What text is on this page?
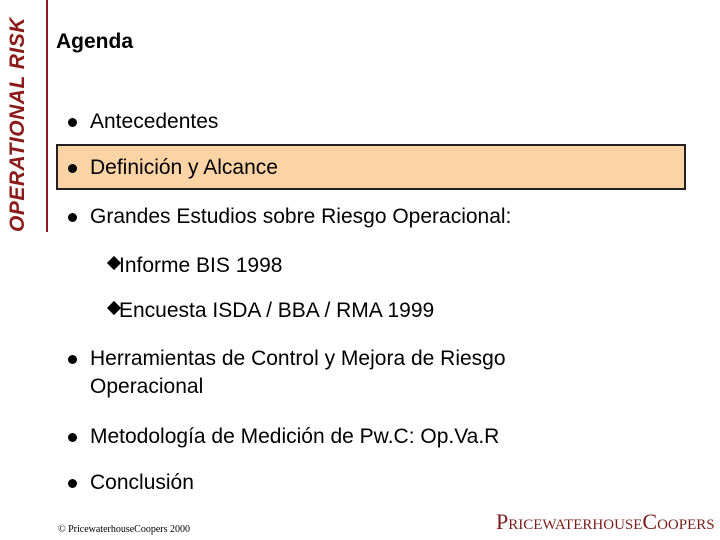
OPERATIONAL RISK Agenda
Antecedentes
Definición y Alcance
Grandes Estudios sobre Riesgo Operacional:
Informe BIS 1998
Encuesta ISDA / BBA / RMA 1999
Herramientas de Control y Mejora de Riesgo
Operacional
Metodología de Medición de Pw.C: Op.Va.R
Conclusión
© PricewaterhouseCoopers 2000	PricewaterhouseCoopers
